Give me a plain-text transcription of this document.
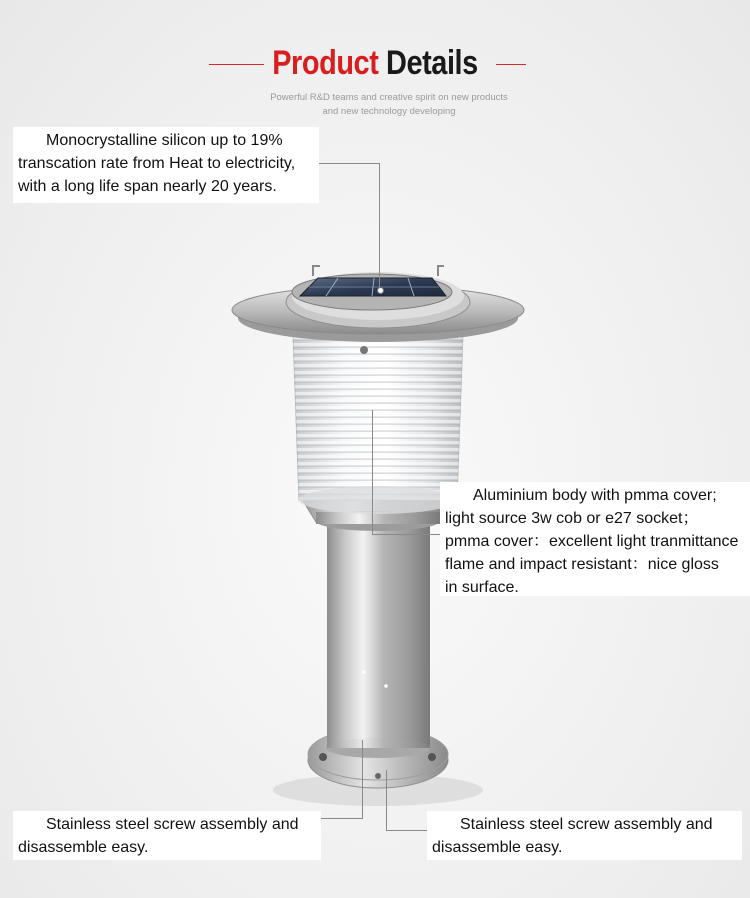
Product Details
Powerful R&D teams and creative spirit on new products
and new technology developing

Monocrystalline silicon up to 19%

transcation rate from Heat to electricity,

with a long life span nearly 20 years.

Aluminium body with pmma cover;

light source 3w cob or e27 socket；

pmma cover：excellent light tranmittance

flame and impact resistant：nice gloss

in surface.

Stainless steel screw assembly and

disassemble easy.

Stainless steel screw assembly and

disassemble easy.
